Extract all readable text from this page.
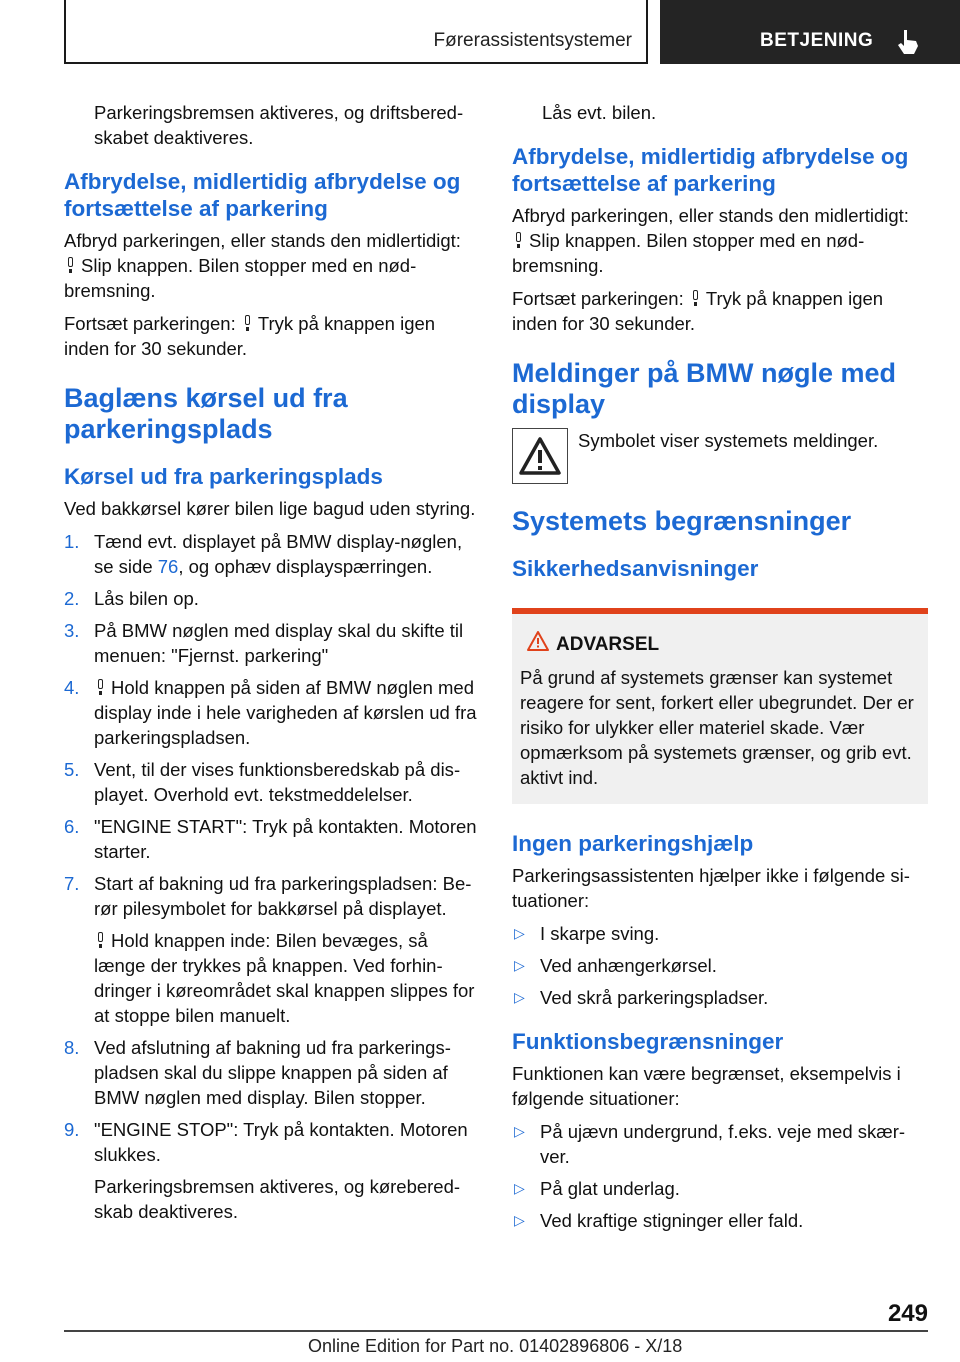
Førerassistentsystemer	BETJENING

Parkeringsbremsen aktiveres, og driftsberedskabet deaktiveres.

Afbrydelse, midlertidig afbrydelse og fortsættelse af parkering

Afbryd parkeringen, eller stands den midlertidigt:

Slip knappen. Bilen stopper med en nødbremsning.

Fortsæt parkeringen: Tryk på knappen igen inden for 30 sekunder.

Baglæns kørsel ud fra parkeringsplads
Kørsel ud fra parkeringsplads

Ved bakkørsel kører bilen lige bagud uden styring.

1. Tænd evt. displayet på BMW display-nøglen, se side 76, og ophæv displayspærringen.

2. Lås bilen op.

3. På BMW nøglen med display skal du skifte til menuen: "Fjernst. parkering"

4.	Hold knappen på siden af BMW nøglen med display inde i hele varigheden af kørslen ud fra parkeringspladsen.

5. Vent, til der vises funktionsberedskab på displayet. Overhold evt. tekstmeddelelser.

6. "ENGINE START": Tryk på kontakten. Motoren starter.

7. Start af bakning ud fra parkeringspladsen: Berør pilesymbolet for bakkørsel på displayet.

Hold knappen inde: Bilen bevæges, så længe der trykkes på knappen. Ved forhindringer i køreområdet skal knappen slippes for at stoppe bilen manuelt.

8. Ved afslutning af bakning ud fra parkeringspladsen skal du slippe knappen på siden af BMW nøglen med display. Bilen stopper.

9. "ENGINE STOP": Tryk på kontakten. Motoren slukkes.

Parkeringsbremsen aktiveres, og køreberedskab deaktiveres.

Lås evt. bilen.

Afbrydelse, midlertidig afbrydelse og fortsættelse af parkering

Afbryd parkeringen, eller stands den midlertidigt:

Slip knappen. Bilen stopper med en nødbremsning.

Fortsæt parkeringen: Tryk på knappen igen inden for 30 sekunder.

Meldinger på BMW nøgle med display
Symbolet viser systemets meldinger.
Systemets begrænsninger
Sikkerhedsanvisninger
ADVARSEL

På grund af systemets grænser kan systemet reagere for sent, forkert eller ubegrundet. Der er risiko for ulykker eller materiel skade. Vær opmærksom på systemets grænser, og grib evt. aktivt ind.

Ingen parkeringshjælp

Parkeringsassistenten hjælper ikke i følgende situationer:

▷ I skarpe sving.
▷ Ved anhængerkørsel.
▷ Ved skrå parkeringspladser.
Funktionsbegrænsninger

Funktionen kan være begrænset, eksempelvis i følgende situationer:

▷ På ujævn undergrund, f.eks. veje med skærver.
▷ På glat underlag.
▷ Ved kraftige stigninger eller fald.
249
Online Edition for Part no. 01402896806 - X/18
